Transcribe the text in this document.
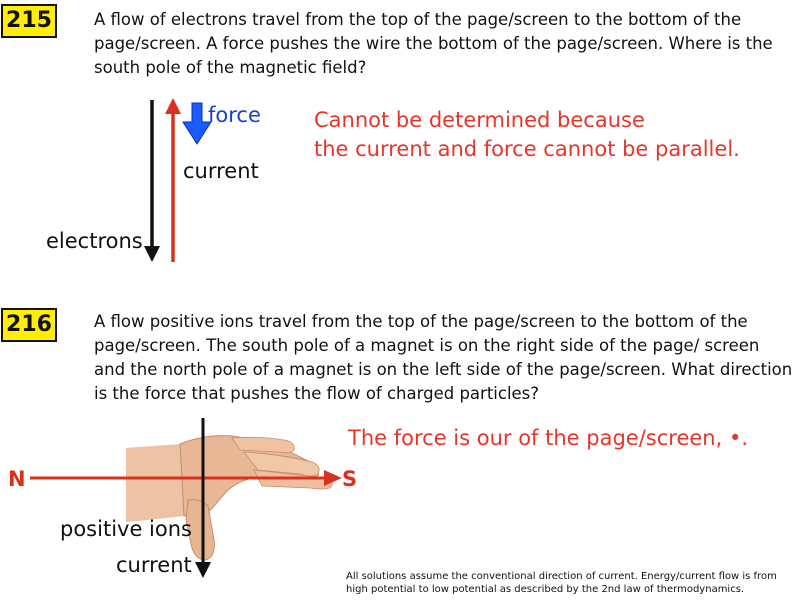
215	A flow of electrons travel from the top of the page/screen to the bottom of the page/screen. A force pushes the wire the bottom of the page/screen. Where is the south pole of the magnetic field?

force
current
electrons
Cannot be determined because
the current and force cannot be parallel.
216	A flow positive ions travel from the top of the page/screen to the bottom of the page/screen. The south pole of a magnet is on the right side of the page/ screen and the north pole of a magnet is on the left side of the page/screen. What direction is the force that pushes the flow of charged particles?

The force is our of the page/screen, •.
N	S
positive ions
current	All solutions assume the conventional direction of current. Energy/current flow is from high potential to low potential as described by the 2nd law of thermodynamics.
